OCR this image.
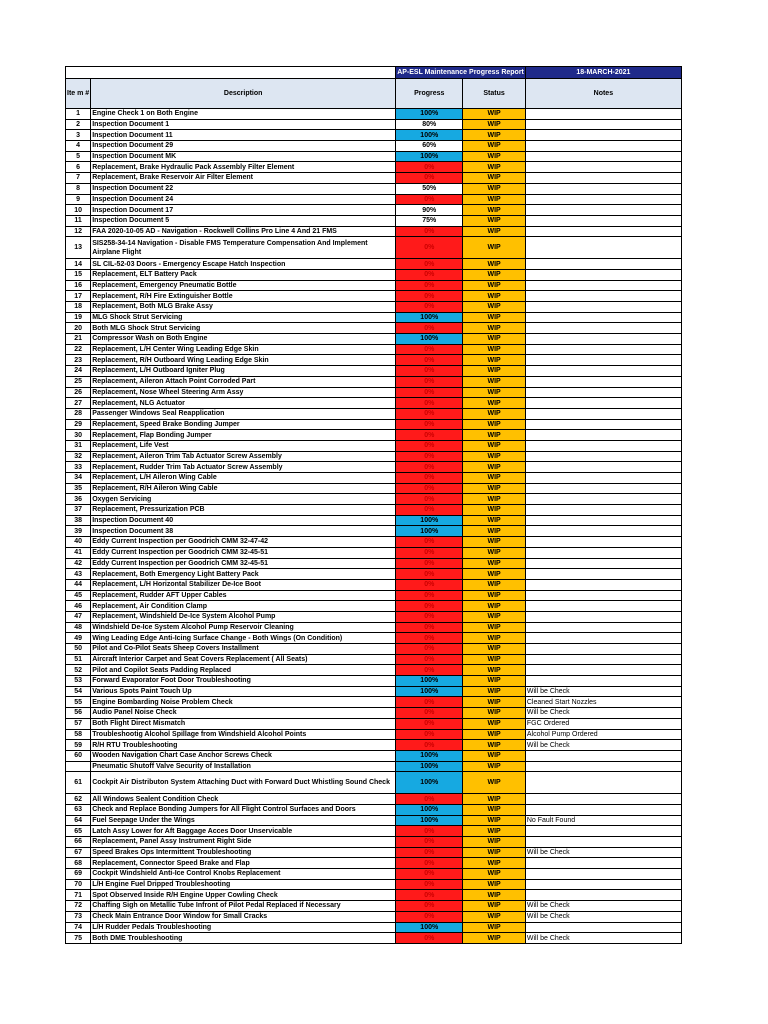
		AP-ESL Maintenance Progress Report		18-MARCH-2021
Ite m #	Description	Progress	Status	Notes
1	Engine Check 1 on Both Engine	100%	WIP	
2	Inspection Document 1	80%	WIP	
3	Inspection Document 11	100%	WIP	
4	Inspection Document 29	60%	WIP	
5	Inspection Document MK	100%	WIP	
6	Replacement, Brake Hydraulic Pack Assembly Filter Element	0%	WIP	
7	Replacement, Brake Reservoir Air Filter Element	0%	WIP	
8	Inspection Document 22	50%	WIP	
9	Inspection Document 24	0%	WIP	
10	Inspection Document 17	90%	WIP	
11	Inspection Document 5	75%	WIP	
12	FAA 2020-10-05 AD - Navigation - Rockwell Collins Pro Line 4 And 21 FMS	0%	WIP	
13	SIS258-34-14 Navigation - Disable FMS Temperature Compensation And Implement Airplane Flight	0%	WIP	
14	SL CIL-52-03 Doors - Emergency Escape Hatch Inspection	0%	WIP	
15	Replacement, ELT Battery Pack	0%	WIP	
16	Replacement, Emergency Pneumatic Bottle	0%	WIP	
17	Replacement, R/H Fire Extinguisher Bottle	0%	WIP	
18	Replacement, Both MLG Brake Assy	0%	WIP	
19	MLG Shock Strut Servicing	100%	WIP	
20	Both MLG Shock Strut Servicing	0%	WIP	
21	Compressor Wash on Both Engine	100%	WIP	
22	Replacement, L/H Center Wing Leading Edge Skin	0%	WIP	
23	Replacement, R/H Outboard Wing Leading Edge Skin	0%	WIP	
24	Replacement, L/H Outboard Igniter Plug	0%	WIP	
25	Replacement, Aileron Attach Point Corroded Part	0%	WIP	
26	Replacement, Nose Wheel Steering Arm Assy	0%	WIP	
27	Replacement, NLG Actuator	0%	WIP	
28	Passenger Windows Seal Reapplication	0%	WIP	
29	Replacement, Speed Brake Bonding Jumper	0%	WIP	
30	Replacement, Flap Bonding Jumper	0%	WIP	
31	Replacement, Life Vest	0%	WIP	
32	Replacement, Aileron Trim Tab Actuator Screw Assembly	0%	WIP	
33	Replacement, Rudder Trim Tab Actuator Screw Assembly	0%	WIP	
34	Replacement, L/H Aileron Wing Cable	0%	WIP	
35	Replacement, R/H Aileron Wing Cable	0%	WIP	
36	Oxygen Servicing	0%	WIP	
37	Replacement, Pressurization PCB	0%	WIP	
38	Inspection Document 40	100%	WIP	
39	Inspection Document 38	100%	WIP	
40	Eddy Current Inspection per Goodrich CMM 32-47-42	0%	WIP	
41	Eddy Current Inspection per Goodrich CMM 32-45-51	0%	WIP	
42	Eddy Current Inspection per Goodrich CMM 32-45-51	0%	WIP	
43	Replacement, Both Emergency Light Battery Pack	0%	WIP	
44	Replacement, L/H Horizontal Stabilizer De-Ice Boot	0%	WIP	
45	Replacement, Rudder AFT Upper Cables	0%	WIP	
46	Replacement, Air Condition Clamp	0%	WIP	
47	Replacement, Windshield De-Ice System Alcohol Pump	0%	WIP	
48	Windshield De-Ice System Alcohol Pump Reservoir Cleaning	0%	WIP	
49	Wing Leading Edge Anti-Icing Surface Change - Both Wings (On Condition)	0%	WIP	
50	Pilot and Co-Pilot Seats Sheep Covers Installment	0%	WIP	
51	Aircraft Interior Carpet and Seat Covers Replacement ( All Seats)	0%	WIP	
52	Pilot and Copilot Seats Padding Replaced	0%	WIP	
53	Forward Evaporator Foot Door Troubleshooting	100%	WIP	
54	Various Spots Paint Touch Up	100%	WIP	Will be Check
55	Engine Bombarding Noise Problem Check	0%	WIP	Cleaned Start Nozzles
56	Audio Panel Noise Check	0%	WIP	Will be Check
57	Both Flight Direct Mismatch	0%	WIP	FGC Ordered
58	Troubleshootig Alcohol Spillage from Windshield Alcohol Points	0%	WIP	Alcohol Pump Ordered
59	R/H RTU Troubleshooting	0%	WIP	Will be Check
60	Wooden Navigation Chart Case Anchor Screws Check	100%	WIP	
	Pneumatic Shutoff Valve Security of Installation	100%	WIP	
61	Cockpit Air Distributon System Attaching Duct with Forward Duct Whistling Sound Check	100%	WIP	
62	All Windows Sealent Condition Check	0%	WIP	
63	Check and Replace Bonding Jumpers for All Flight Control Surfaces and Doors	100%	WIP	
64	Fuel Seepage Under the Wings	100%	WIP	No Fault Found
65	Latch Assy Lower for Aft Baggage Acces Door Unservicable	0%	WIP	
66	Replacement, Panel Assy Instrument Right Side	0%	WIP	
67	Speed Brakes Ops Intermittent Troubleshooting	0%	WIP	Will be Check
68	Replacement, Connector Speed Brake and Flap	0%	WIP	
69	Cockpit Windshield Anti-Ice Control Knobs Replacement	0%	WIP	
70	L/H Engine Fuel Dripped Troubleshooting	0%	WIP	
71	Spot Observed Inside R/H Engine Upper Cowling Check	0%	WIP	
72	Chaffing Sigh on Metallic Tube Infront of Pilot Pedal Replaced if Necessary	0%	WIP	Will be Check
73	Check Main Entrance Door Window for Small Cracks	0%	WIP	Will be Check
74	L/H Rudder Pedals Troubleshooting	100%	WIP	
75	Both DME Troubleshooting	0%	WIP	Will be Check
